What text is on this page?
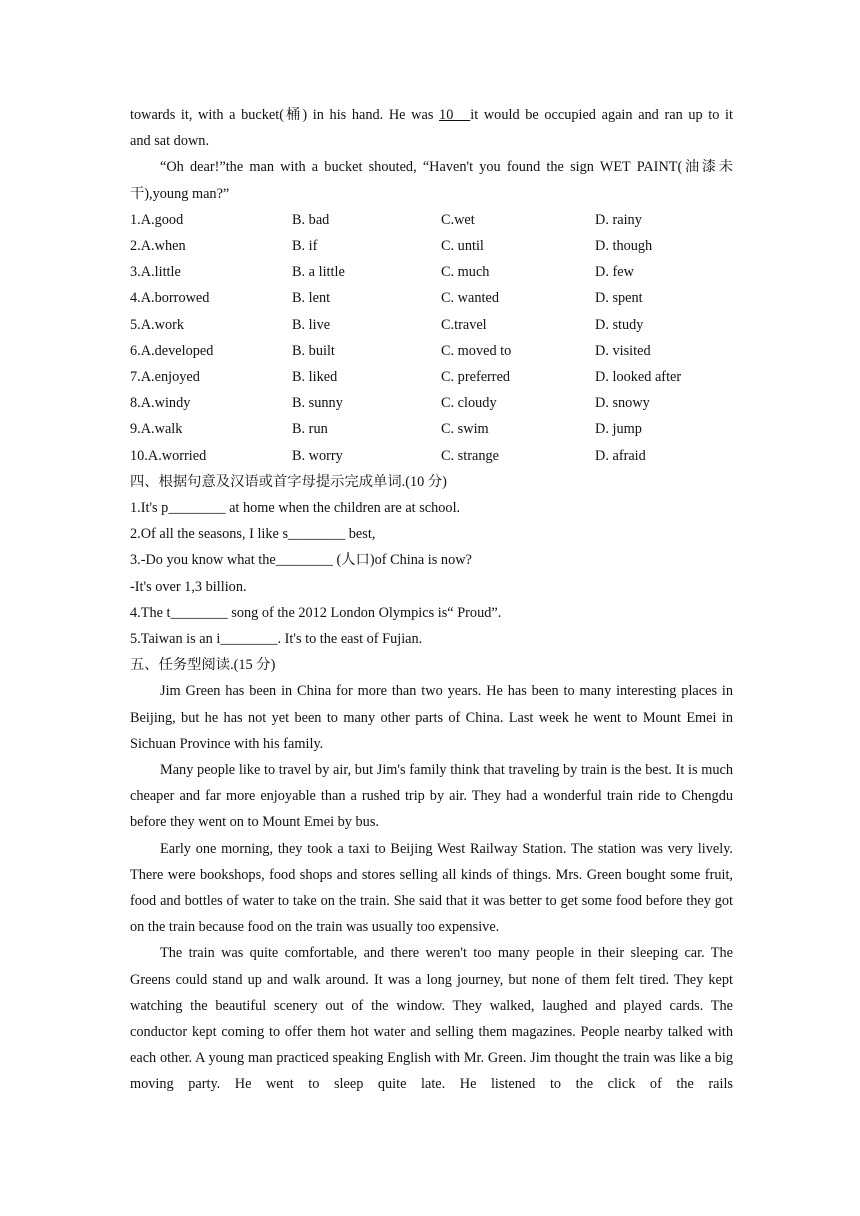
towards it, with a bucket(桶) in his hand. He was 10   it would be occupied again and ran up to it

and sat down.

“Oh dear!”the man with a bucket shouted, “Haven't you found the sign WET PAINT(油漆未干),young man?”

1.A.good	B. bad	C.wet	D. rainy
2.A.when	B. if	C. until	D. though
3.A.little	B. a little	C. much	D. few
4.A.borrowed	B. lent	C. wanted	D. spent
5.A.work	B. live	C.travel	D. study
6.A.developed	B. built	C. moved to	D. visited
7.A.enjoyed	B. liked	C. preferred	D. looked after
8.A.windy	B. sunny	C. cloudy	D. snowy
9.A.walk	B. run	C. swim	D. jump
10.A.worried	B. worry	C. strange	D. afraid

四、根据句意及汉语或首字母提示完成单词.(10 分)

1.It's p________ at home when the children are at school.

2.Of all the seasons, I like s________ best,

3.-Do you know what the________ (人口)of China is now?

-It's over 1,3 billion.

4.The t________ song of the 2012 London Olympics is“ Proud”.

5.Taiwan is an i________. It's to the east of Fujian.

五、任务型阅读.(15 分)

Jim Green has been in China for more than two years. He has been to many interesting places in Beijing, but he has not yet been to many other parts of China. Last week he went to Mount Emei in Sichuan Province with his family.

Many people like to travel by air, but Jim's family think that traveling by train is the best. It is much cheaper and far more enjoyable than a rushed trip by air. They had a wonderful train ride to Chengdu before they went on to Mount Emei by bus.

Early one morning, they took a taxi to Beijing West Railway Station. The station was very lively. There were bookshops, food shops and stores selling all kinds of things. Mrs. Green bought some fruit, food and bottles of water to take on the train. She said that it was better to get some food before they got on the train because food on the train was usually too expensive.

The train was quite comfortable, and there weren't too many people in their sleeping car. The Greens could stand up and walk around. It was a long journey, but none of them felt tired. They kept watching the beautiful scenery out of the window. They walked, laughed and played cards. The conductor kept coming to offer them hot water and selling them magazines. People nearby talked with each other. A young man practiced speaking English with Mr. Green. Jim thought the train was like a big moving party. He went to sleep quite late. He listened to the click of the rails
